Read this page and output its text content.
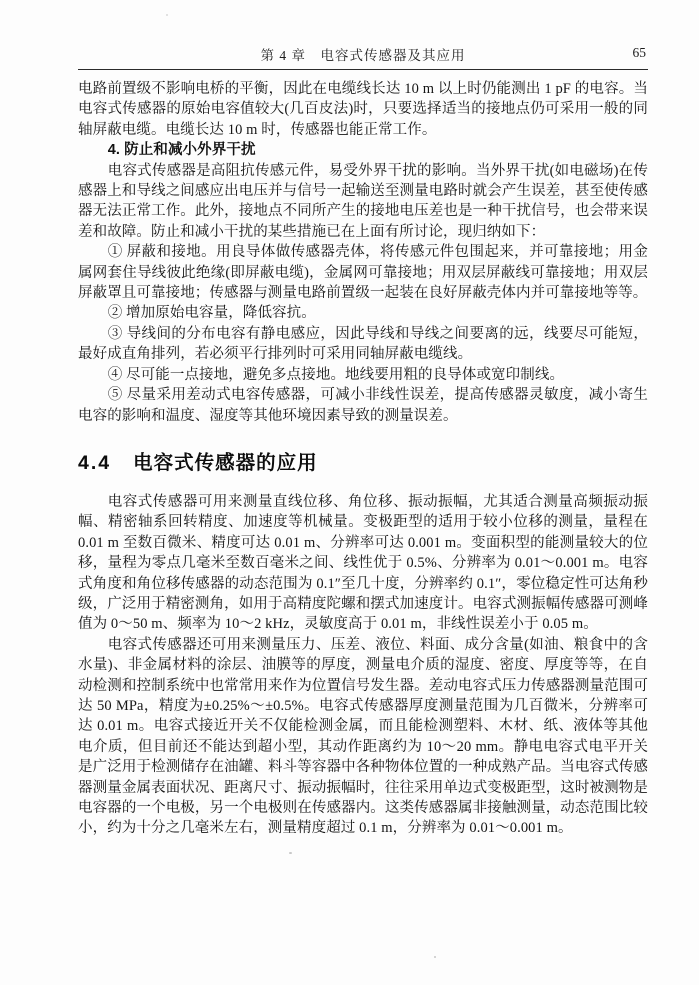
第 4 章　电容式传感器及其应用	65

电路前置级不影响电桥的平衡，因此在电缆线长达 10 m 以上时仍能测出 1 pF 的电容。当电容式传感器的原始电容值较大(几百皮法)时，只要选择适当的接地点仍可采用一般的同轴屏蔽电缆。电缆长达 10 m 时，传感器也能正常工作。

4. 防止和减小外界干扰

电容式传感器是高阻抗传感元件，易受外界干扰的影响。当外界干扰(如电磁场)在传感器上和导线之间感应出电压并与信号一起输送至测量电路时就会产生误差，甚至使传感器无法正常工作。此外，接地点不同所产生的接地电压差也是一种干扰信号，也会带来误差和故障。防止和减小干扰的某些措施已在上面有所讨论，现归纳如下：

① 屏蔽和接地。用良导体做传感器壳体，将传感元件包围起来，并可靠接地；用金属网套住导线彼此绝缘(即屏蔽电缆)，金属网可靠接地；用双层屏蔽线可靠接地；用双层屏蔽罩且可靠接地；传感器与测量电路前置级一起装在良好屏蔽壳体内并可靠接地等等。

② 增加原始电容量，降低容抗。

③ 导线间的分布电容有静电感应，因此导线和导线之间要离的远，线要尽可能短，最好成直角排列，若必须平行排列时可采用同轴屏蔽电缆线。

④ 尽可能一点接地，避免多点接地。地线要用粗的良导体或宽印制线。

⑤ 尽量采用差动式电容传感器，可减小非线性误差，提高传感器灵敏度，减小寄生电容的影响和温度、湿度等其他环境因素导致的测量误差。

4.4 电容式传感器的应用

电容式传感器可用来测量直线位移、角位移、振动振幅，尤其适合测量高频振动振幅、精密轴系回转精度、加速度等机械量。变极距型的适用于较小位移的测量，量程在 0.01 m 至数百微米、精度可达 0.01 m、分辨率可达 0.001 m。变面积型的能测量较大的位移，量程为零点几毫米至数百毫米之间、线性优于 0.5%、分辨率为 0.01～0.001 m。电容式角度和角位移传感器的动态范围为 0.1″至几十度，分辨率约 0.1″，零位稳定性可达角秒级，广泛用于精密测角，如用于高精度陀螺和摆式加速度计。电容式测振幅传感器可测峰值为 0～50 m、频率为 10～2 kHz，灵敏度高于 0.01 m，非线性误差小于 0.05 m。

电容式传感器还可用来测量压力、压差、液位、料面、成分含量(如油、粮食中的含水量)、非金属材料的涂层、油膜等的厚度，测量电介质的湿度、密度、厚度等等，在自动检测和控制系统中也常常用来作为位置信号发生器。差动电容式压力传感器测量范围可达 50 MPa，精度为±0.25%～±0.5%。电容式传感器厚度测量范围为几百微米，分辨率可达 0.01 m。电容式接近开关不仅能检测金属，而且能检测塑料、木材、纸、液体等其他电介质，但目前还不能达到超小型，其动作距离约为 10～20 mm。静电电容式电平开关是广泛用于检测储存在油罐、料斗等容器中各种物体位置的一种成熟产品。当电容式传感器测量金属表面状况、距离尺寸、振动振幅时，往往采用单边式变极距型，这时被测物是电容器的一个电极，另一个电极则在传感器内。这类传感器属非接触测量，动态范围比较小，约为十分之几毫米左右，测量精度超过 0.1 m，分辨率为 0.01～0.001 m。
